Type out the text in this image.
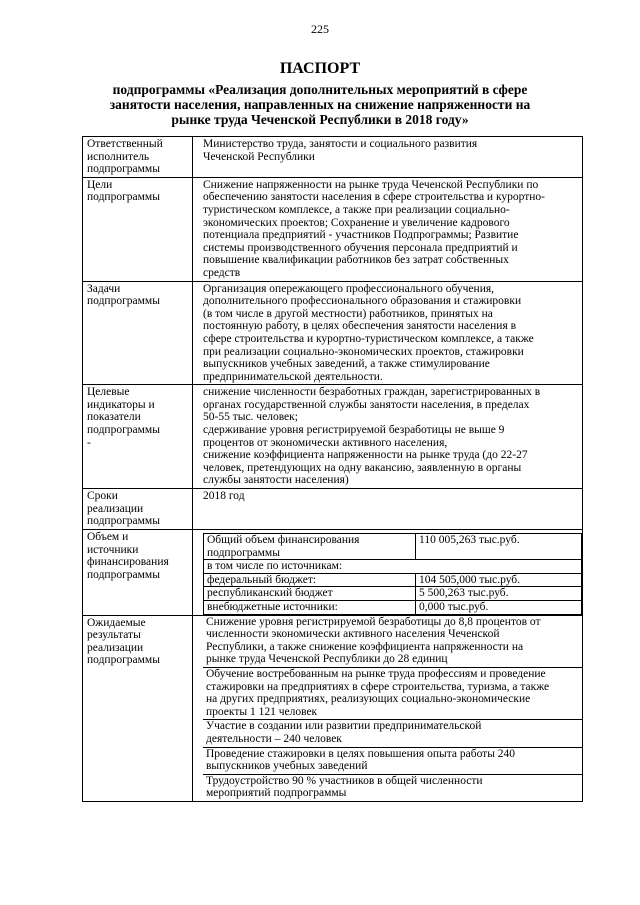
225
ПАСПОРТ
подпрограммы «Реализация дополнительных мероприятий в сфере
занятости населения, направленных на снижение напряженности на
рынке труда Чеченской Республики в 2018 году»
Ответственный
исполнитель
подпрограммы

Министерство труда, занятости и социального развития
Чеченской Республики

Цели
подпрограммы

Снижение напряженности на рынке труда Чеченской Республики по
обеспечению занятости населения в сфере строительства и курортно-
туристическом комплексе, а также при реализации социально-
экономических проектов; Сохранение и увеличение кадрового
потенциала предприятий - участников Подпрограммы; Развитие
системы производственного обучения персонала предприятий и
повышение квалификации работников без затрат собственных
средств

Задачи
подпрограммы

Организация опережающего профессионального обучения,
дополнительного профессионального образования и стажировки
(в том числе в другой местности) работников, принятых на
постоянную работу, в целях обеспечения занятости населения в
сфере строительства и курортно-туристическом комплексе, а также
при реализации социально-экономических проектов, стажировки
выпускников учебных заведений, а также стимулирование
предпринимательской деятельности.

Целевые
индикаторы и
показатели
подпрограммы
-

снижение численности безработных граждан, зарегистрированных в
органах государственной службы занятости населения, в пределах
50-55 тыс. человек;
сдерживание уровня регистрируемой безработицы не выше 9
процентов от экономически активного населения,
снижение коэффициента напряженности на рынке труда (до 22-27
человек, претендующих на одну вакансию, заявленную в органы
службы занятости населения)

Сроки
реализации
подпрограммы
	2018 год

Объем и
источники
финансирования
подпрограммы

Общий объем финансирования
подпрограммы
	110 005,263 тыс.руб.
в том числе по источникам:
федеральный бюджет:	104 505,000 тыс.руб.
республиканский бюджет	5 500,263 тыс.руб.
внебюджетные источники:	0,000 тыс.руб.

Ожидаемые
результаты
реализации
подпрограммы

Снижение уровня регистрируемой безработицы до 8,8 процентов от
численности экономически активного населения Чеченской
Республики, а также снижение коэффициента напряженности на
рынке труда Чеченской Республики до 28 единиц

Обучение востребованным на рынке труда профессиям и проведение
стажировки на предприятиях в сфере строительства, туризма, а также
на других предприятиях, реализующих социально-экономические
проекты 1 121 человек

Участие в создании или развитии предпринимательской
деятельности – 240 человек

Проведение стажировки в целях повышения опыта работы 240
выпускников учебных заведений

Трудоустройство 90 % участников в общей численности
мероприятий подпрограммы
